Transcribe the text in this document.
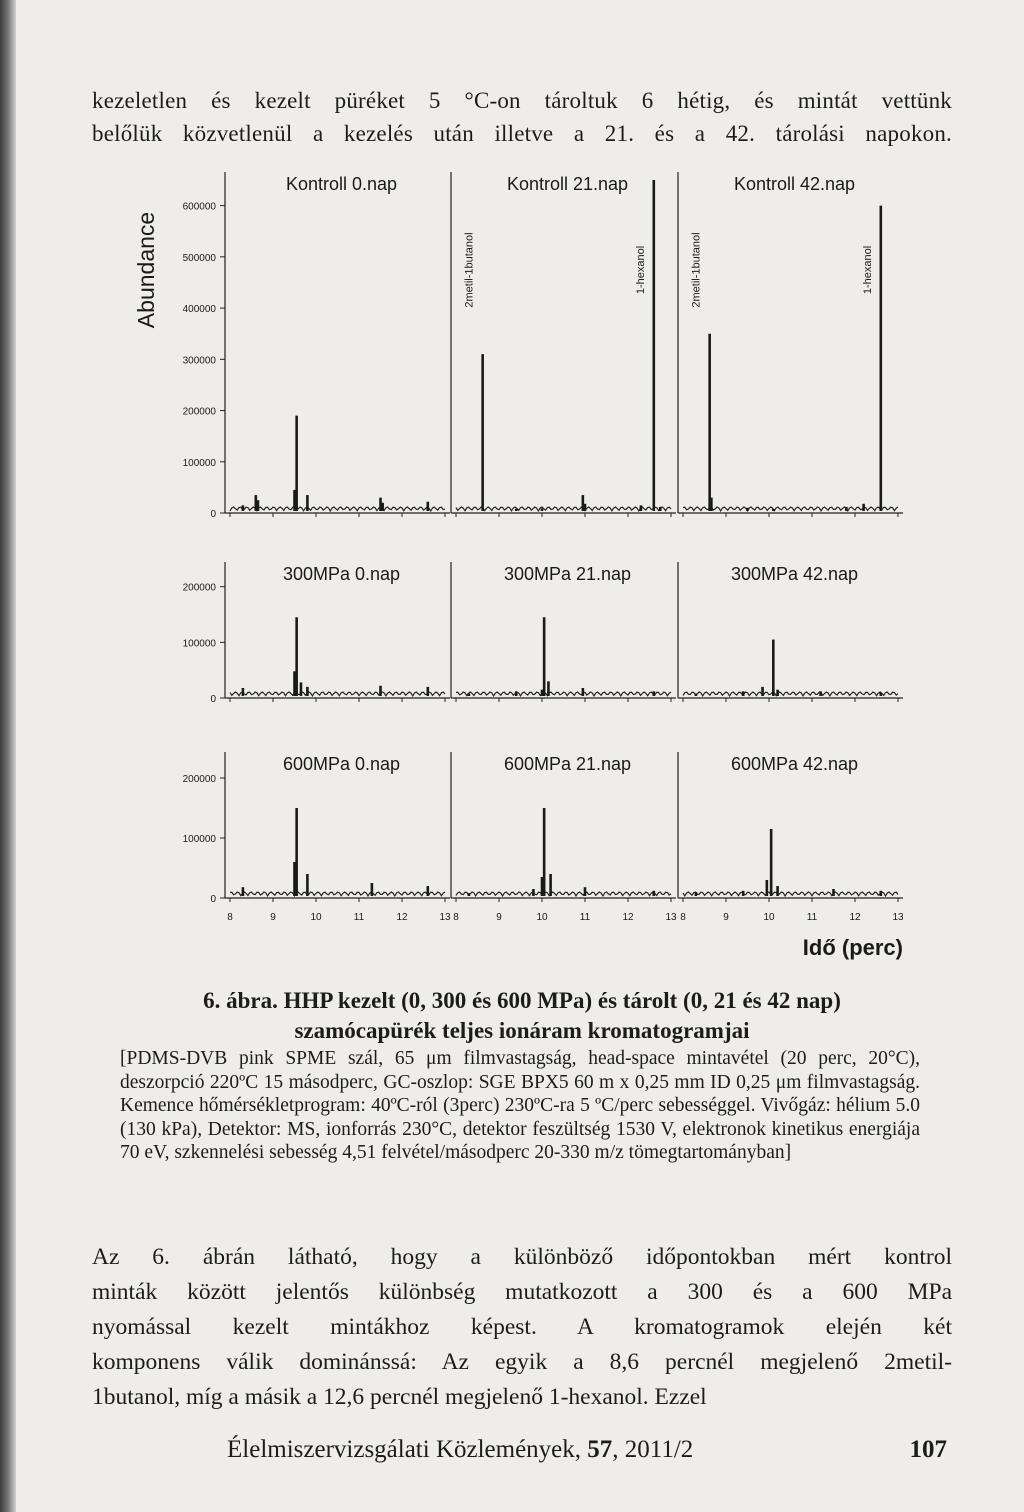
kezeletlen és kezelt püréket 5 °C-on tároltuk 6 hétig, és mintát vettünk
belőlük közvetlenül a kezelés után illetve a 21. és a 42. tárolási napokon.
0
100000
200000
300000
400000
500000
600000
Kontroll 0.nap	Kontroll 21.nap
2metil-1butanol	1-hexanol
Kontroll 42.nap
2metil-1butanol	1-hexanol
0
100000
200000
300MPa 0.nap	300MPa 21.nap	300MPa 42.nap
0
100000
200000
600MPa 0.nap
8	9	10	11	12	13
600MPa 21.nap
8	9	10	11	12	13
600MPa 42.nap
8	9	10	11	12	13
Abundance
Idő (perc)
6. ábra. HHP kezelt (0, 300 és 600 MPa) és tárolt (0, 21 és 42 nap)
szamócapürék teljes ionáram kromatogramjai
[PDMS-DVB pink SPME szál, 65 μm filmvastagság, head-space mintavétel (20 perc, 20°C), deszorpció 220ºC 15 másodperc, GC-oszlop: SGE BPX5 60 m x 0,25 mm ID 0,25 μm filmvastagság. Kemence hőmérsékletprogram: 40ºC-ról (3perc) 230ºC-ra 5 ºC/perc sebességgel. Vivőgáz: hélium 5.0 (130 kPa), Detektor: MS, ionforrás 230°C, detektor feszültség 1530 V, elektronok kinetikus energiája 70 eV, szkennelési sebesség 4,51 felvétel/másodperc 20-330 m/z tömegtartományban]
Az 6. ábrán látható, hogy a különböző időpontokban mért kontrol
minták között jelentős különbség mutatkozott a 300 és a 600 MPa
nyomással kezelt mintákhoz képest. A kromatogramok elején két
komponens válik dominánssá: Az egyik a 8,6 percnél megjelenő 2metil-
1butanol, míg a másik a 12,6 percnél megjelenő 1-hexanol. Ezzel
Élelmiszervizsgálati Közlemények, 57, 2011/2	107
